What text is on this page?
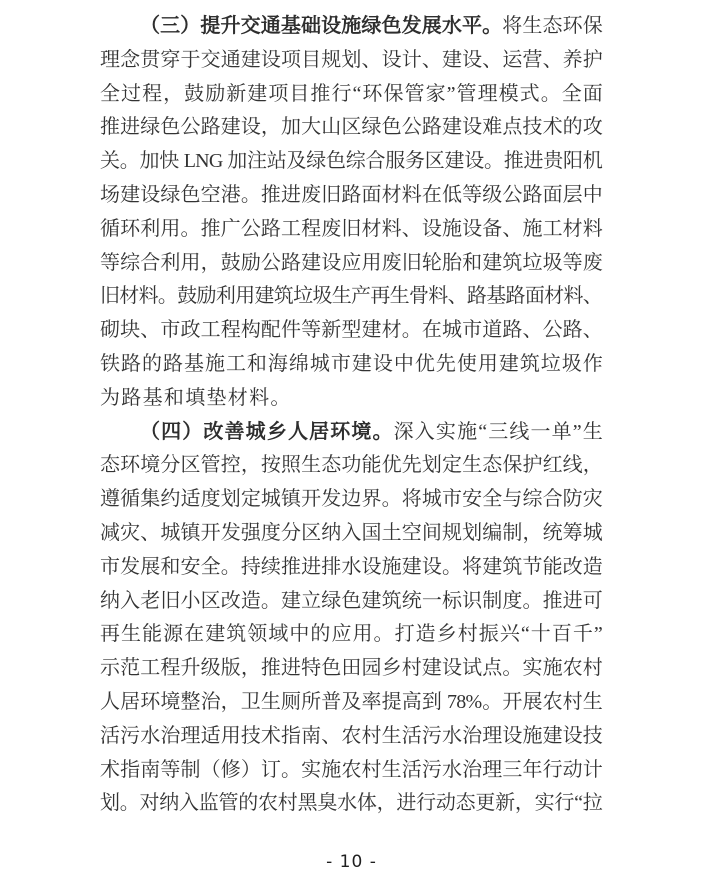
（三）提升交通基础设施绿色发展水平。将生态环保
理念贯穿于交通建设项目规划、设计、建设、运营、养护
全过程，鼓励新建项目推行“环保管家”管理模式。全面
推进绿色公路建设，加大山区绿色公路建设难点技术的攻
关。加快 LNG 加注站及绿色综合服务区建设。推进贵阳机
场建设绿色空港。推进废旧路面材料在低等级公路面层中
循环利用。推广公路工程废旧材料、设施设备、施工材料
等综合利用，鼓励公路建设应用废旧轮胎和建筑垃圾等废
旧材料。鼓励利用建筑垃圾生产再生骨料、路基路面材料、
砌块、市政工程构配件等新型建材。在城市道路、公路、
铁路的路基施工和海绵城市建设中优先使用建筑垃圾作
为路基和填垫材料。
（四）改善城乡人居环境。深入实施“三线一单”生
态环境分区管控，按照生态功能优先划定生态保护红线，
遵循集约适度划定城镇开发边界。将城市安全与综合防灾
减灾、城镇开发强度分区纳入国土空间规划编制，统筹城
市发展和安全。持续推进排水设施建设。将建筑节能改造
纳入老旧小区改造。建立绿色建筑统一标识制度。推进可
再生能源在建筑领域中的应用。打造乡村振兴“十百千”
示范工程升级版，推进特色田园乡村建设试点。实施农村
人居环境整治，卫生厕所普及率提高到 78%。开展农村生
活污水治理适用技术指南、农村生活污水治理设施建设技
术指南等制（修）订。实施农村生活污水治理三年行动计
划。对纳入监管的农村黑臭水体，进行动态更新，实行“拉
- 10 -
